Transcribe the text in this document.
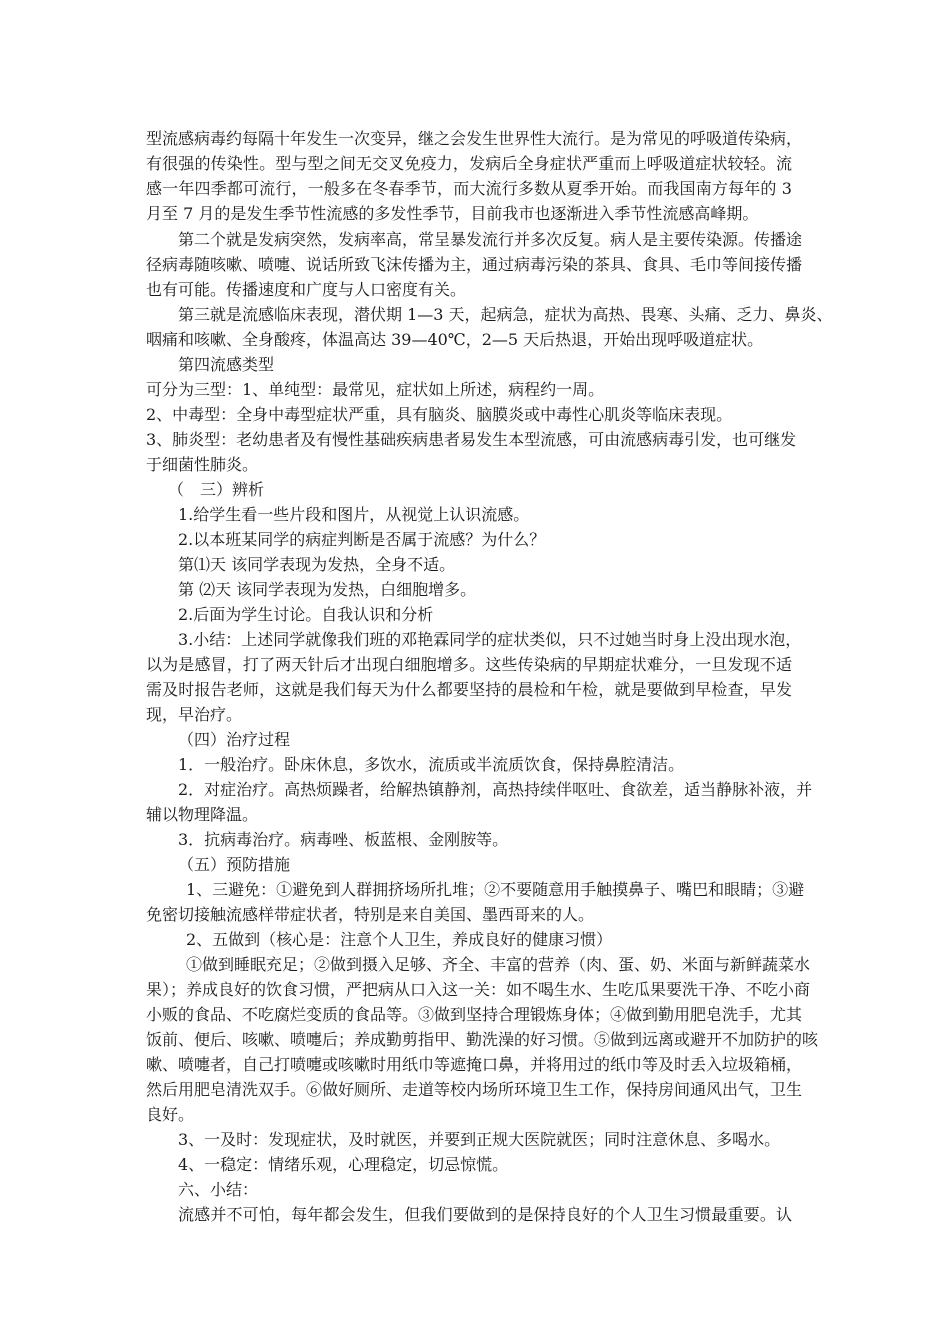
型流感病毒约每隔十年发生一次变异，继之会发生世界性大流行。是为常见的呼吸道传染病，
有很强的传染性。型与型之间无交叉免疫力，发病后全身症状严重而上呼吸道症状较轻。流
感一年四季都可流行，一般多在冬春季节，而大流行多数从夏季开始。而我国南方每年的 3
月至 7 月的是发生季节性流感的多发性季节，目前我市也逐渐进入季节性流感高峰期。
第二个就是发病突然，发病率高，常呈暴发流行并多次反复。病人是主要传染源。传播途
径病毒随咳嗽、喷嚏、说话所致飞沫传播为主，通过病毒污染的茶具、食具、毛巾等间接传播
也有可能。传播速度和广度与人口密度有关。
第三就是流感临床表现，潜伏期 1—3 天，起病急，症状为高热、畏寒、头痛、乏力、鼻炎、
咽痛和咳嗽、全身酸疼，体温高达 39—40℃，2—5 天后热退，开始出现呼吸道症状。
第四流感类型
可分为三型：1、单纯型：最常见，症状如上所述，病程约一周。
2、中毒型：全身中毒型症状严重，具有脑炎、脑膜炎或中毒性心肌炎等临床表现。
3、肺炎型：老幼患者及有慢性基础疾病患者易发生本型流感，可由流感病毒引发，也可继发
于细菌性肺炎。
（　三）辨析
1.给学生看一些片段和图片，从视觉上认识流感。
2.以本班某同学的病症判断是否属于流感？为什么？
第⑴天 该同学表现为发热，全身不适。
第 ⑵天 该同学表现为发热，白细胞增多。
2.后面为学生讨论。自我认识和分析
3.小结：上述同学就像我们班的邓艳霖同学的症状类似，只不过她当时身上没出现水泡，
以为是感冒，打了两天针后才出现白细胞增多。这些传染病的早期症状难分，一旦发现不适
需及时报告老师，这就是我们每天为什么都要坚持的晨检和午检，就是要做到早检查，早发
现，早治疗。
（四）治疗过程
1．一般治疗。卧床休息，多饮水，流质或半流质饮食，保持鼻腔清洁。
2．对症治疗。高热烦躁者，给解热镇静剂，高热持续伴呕吐、食欲差，适当静脉补液，并
辅以物理降温。
3．抗病毒治疗。病毒唑、板蓝根、金刚胺等。
（五）预防措施
1、三避免：①避免到人群拥挤场所扎堆；②不要随意用手触摸鼻子、嘴巴和眼睛；③避
免密切接触流感样带症状者，特别是来自美国、墨西哥来的人。
2、五做到（核心是：注意个人卫生，养成良好的健康习惯）
①做到睡眠充足；②做到摄入足够、齐全、丰富的营养（肉、蛋、奶、米面与新鲜蔬菜水
果）；养成良好的饮食习惯，严把病从口入这一关：如不喝生水、生吃瓜果要洗干净、不吃小商
小贩的食品、不吃腐烂变质的食品等。③做到坚持合理锻炼身体；④做到勤用肥皂洗手，尤其
饭前、便后、咳嗽、喷嚏后；养成勤剪指甲、勤洗澡的好习惯。⑤做到远离或避开不加防护的咳
嗽、喷嚏者，自己打喷嚏或咳嗽时用纸巾等遮掩口鼻，并将用过的纸巾等及时丢入垃圾箱桶，
然后用肥皂清洗双手。⑥做好厕所、走道等校内场所环境卫生工作，保持房间通风出气，卫生
良好。
3、一及时：发现症状，及时就医，并要到正规大医院就医；同时注意休息、多喝水。
4、一稳定：情绪乐观，心理稳定，切忌惊慌。
六、小结：
流感并不可怕，每年都会发生，但我们要做到的是保持良好的个人卫生习惯最重要。认
